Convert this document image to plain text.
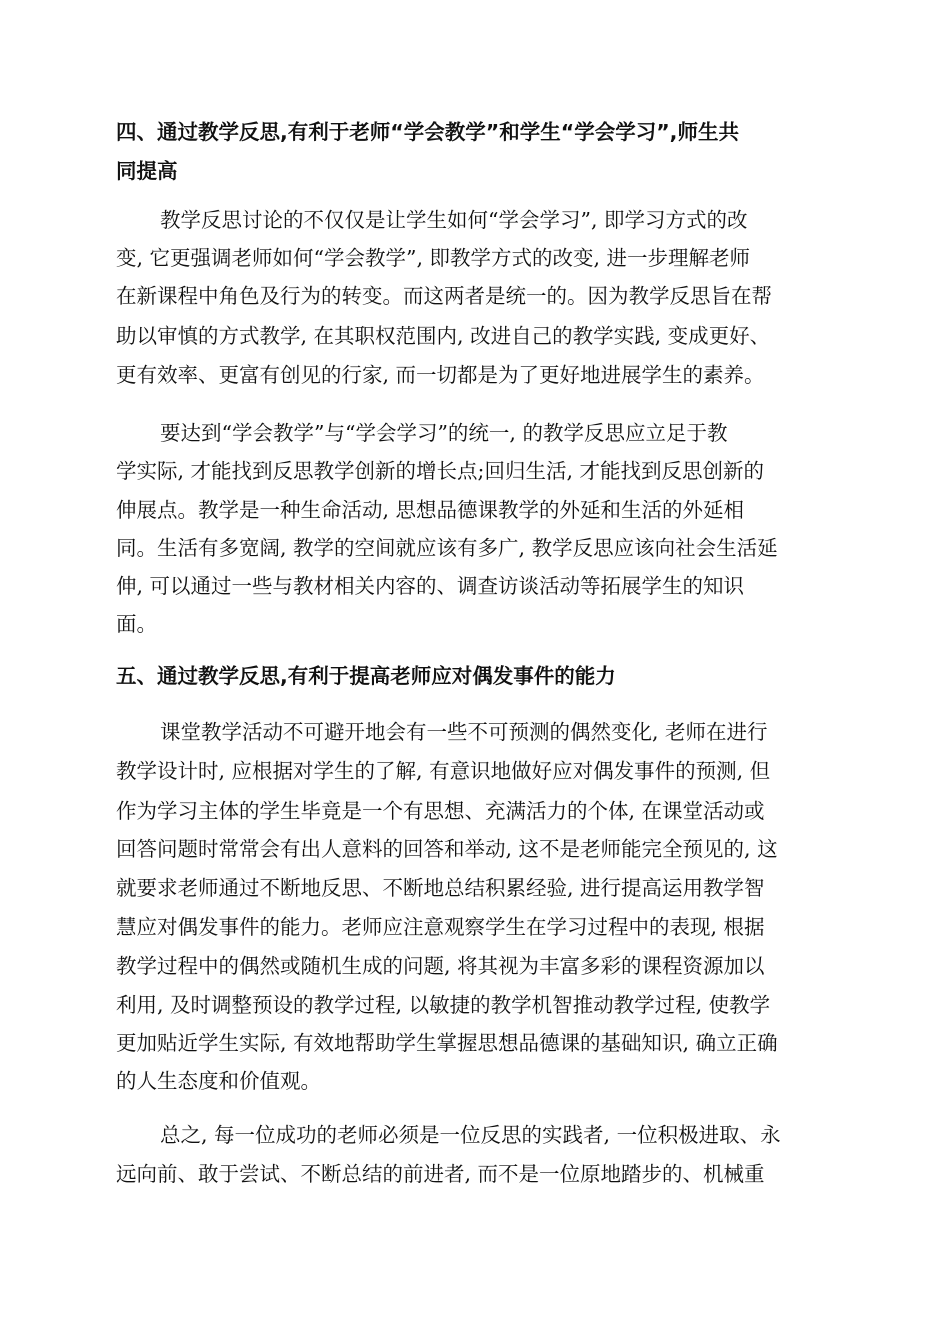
四、通过教学反思,有利于老师“学会教学”和学生“学会学习”,师生共
同提高
教学反思讨论的不仅仅是让学生如何“学会学习”, 即学习方式的改
变, 它更强调老师如何“学会教学”, 即教学方式的改变, 进一步理解老师
在新课程中角色及行为的转变。而这两者是统一的。因为教学反思旨在帮
助以审慎的方式教学, 在其职权范围内, 改进自己的教学实践, 变成更好、
更有效率、更富有创见的行家, 而一切都是为了更好地进展学生的素养。
要达到“学会教学”与“学会学习”的统一, 的教学反思应立足于教
学实际, 才能找到反思教学创新的增长点;回归生活, 才能找到反思创新的
伸展点。教学是一种生命活动, 思想品德课教学的外延和生活的外延相
同。生活有多宽阔, 教学的空间就应该有多广, 教学反思应该向社会生活延
伸, 可以通过一些与教材相关内容的、调查访谈活动等拓展学生的知识
面。
五、通过教学反思,有利于提高老师应对偶发事件的能力
课堂教学活动不可避开地会有一些不可预测的偶然变化, 老师在进行
教学设计时, 应根据对学生的了解, 有意识地做好应对偶发事件的预测, 但
作为学习主体的学生毕竟是一个有思想、充满活力的个体, 在课堂活动或
回答问题时常常会有出人意料的回答和举动, 这不是老师能完全预见的, 这
就要求老师通过不断地反思、不断地总结积累经验, 进行提高运用教学智
慧应对偶发事件的能力。老师应注意观察学生在学习过程中的表现, 根据
教学过程中的偶然或随机生成的问题, 将其视为丰富多彩的课程资源加以
利用, 及时调整预设的教学过程, 以敏捷的教学机智推动教学过程, 使教学
更加贴近学生实际, 有效地帮助学生掌握思想品德课的基础知识, 确立正确
的人生态度和价值观。
总之, 每一位成功的老师必须是一位反思的实践者, 一位积极进取、永
远向前、敢于尝试、不断总结的前进者, 而不是一位原地踏步的、机械重
